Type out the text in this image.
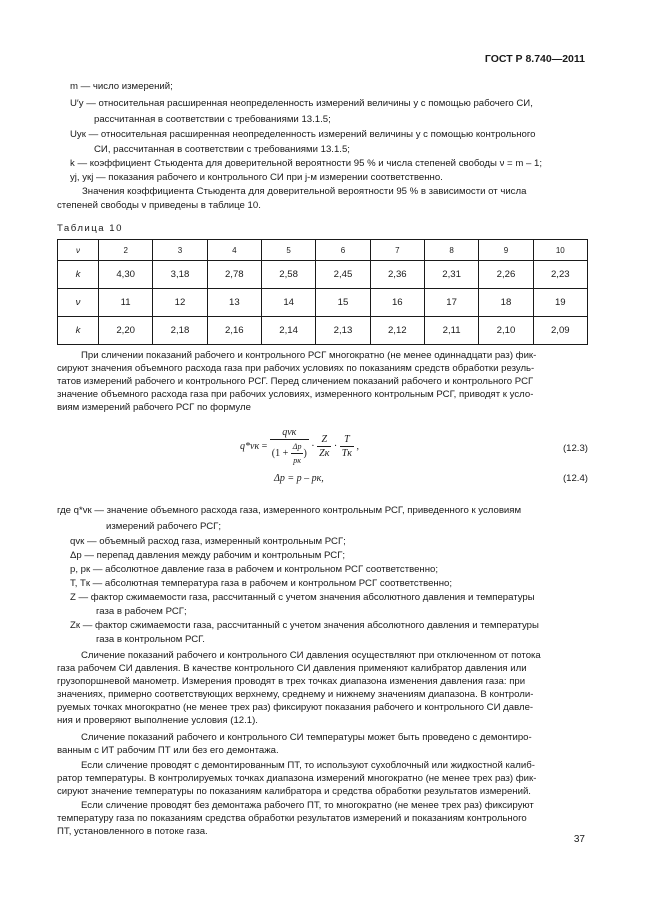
ГОСТ Р 8.740—2011
m — число измерений;
U′y — относительная расширенная неопределенность измерений величины y с помощью рабочего СИ,
рассчитанная в соответствии с требованиями 13.1.5;
Uук — относительная расширенная неопределенность измерений величины y с помощью контрольного
СИ, рассчитанная в соответствии с требованиями 13.1.5;
k — коэффициент Стьюдента для доверительной вероятности 95 % и числа степеней свободы ν = m – 1;
yj, yкj — показания рабочего и контрольного СИ при j-м измерении соответственно.
Значения коэффициента Стьюдента для доверительной вероятности 95 % в зависимости от числа
степеней свободы ν приведены в таблице 10.
Таблица 10
ν	2	3	4	5	6	7	8	9	10
k	4,30	3,18	2,78	2,58	2,45	2,36	2,31	2,26	2,23
ν	11	12	13	14	15	16	17	18	19
k	2,20	2,18	2,16	2,14	2,13	2,12	2,11	2,10	2,09
При сличении показаний рабочего и контрольного РСГ многократно (не менее одиннадцати раз) фик-
сируют значения объемного расхода газа при рабочих условиях по показаниям средств обработки резуль-
татов измерений рабочего и контрольного РСГ. Перед сличением показаний рабочего и контрольного РСГ
значение объемного расхода газа при рабочих условиях, измеренного контрольным РСГ, приводят к усло-
виям измерений рабочего РСГ по формуле
$q*vк = \frac{\text{qvк}}{(1 + \frac{\Delta p}{pк} )} \cdot \frac{Z}{Zк} \cdot \frac{T}{Tк}$ ,	(12.3)
Δp = p – pк,	(12.4)
где q*vк — значение объемного расхода газа, измеренного контрольным РСГ, приведенного к условиям
измерений рабочего РСГ;
qvк — объемный расход газа, измеренный контрольным РСГ;
Δp — перепад давления между рабочим и контрольным РСГ;
p, pк — абсолютное давление газа в рабочем и контрольном РСГ соответственно;
T, Tк — абсолютная температура газа в рабочем и контрольном РСГ соответственно;
Z — фактор сжимаемости газа, рассчитанный с учетом значения абсолютного давления и температуры
газа в рабочем РСГ;
Zк — фактор сжимаемости газа, рассчитанный с учетом значения абсолютного давления и температуры
газа в контрольном РСГ.
Сличение показаний рабочего и контрольного СИ давления осуществляют при отключенном от потока
газа рабочем СИ давления. В качестве контрольного СИ давления применяют калибратор давления или
грузопоршневой манометр. Измерения проводят в трех точках диапазона изменения давления газа: при
значениях, примерно соответствующих верхнему, среднему и нижнему значениям диапазона. В контроли-
руемых точках многократно (не менее трех раз) фиксируют показания рабочего и контрольного СИ давле-
ния и проверяют выполнение условия (12.1).
Сличение показаний рабочего и контрольного СИ температуры может быть проведено с демонтиро-
ванным с ИТ рабочим ПТ или без его демонтажа.
Если сличение проводят с демонтированным ПТ, то используют сухоблочный или жидкостной калиб-
ратор температуры. В контролируемых точках диапазона измерений многократно (не менее трех раз) фик-
сируют значение температуры по показаниям калибратора и средства обработки результатов измерений.
Если сличение проводят без демонтажа рабочего ПТ, то многократно (не менее трех раз) фиксируют
температуру газа по показаниям средства обработки результатов измерений и показаниям контрольного
ПТ, установленного в потоке газа.
37
